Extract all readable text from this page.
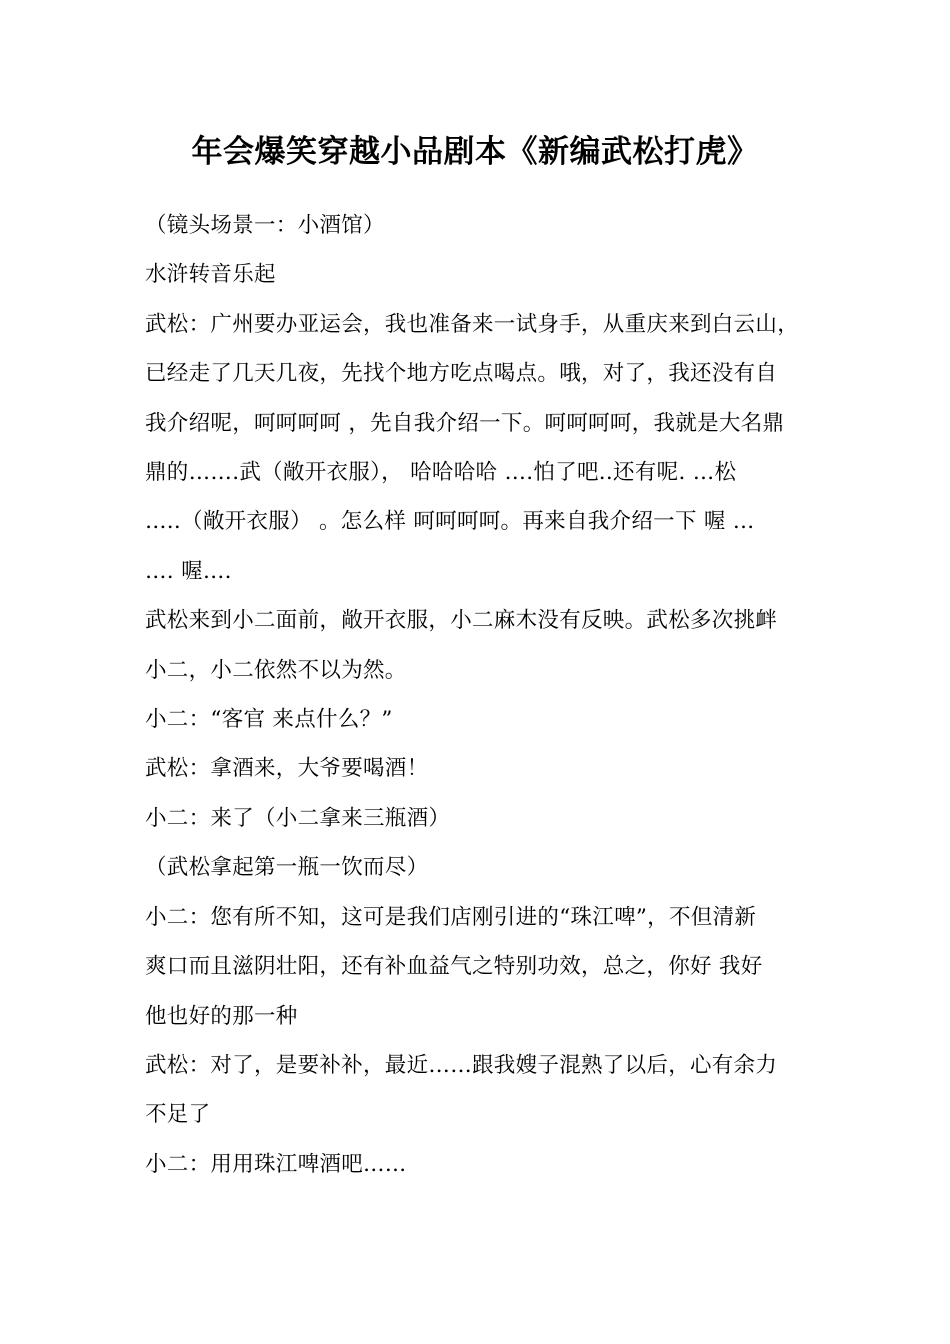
年会爆笑穿越小品剧本《新编武松打虎》

（镜头场景一：小酒馆）

水浒转音乐起

武松：广州要办亚运会，我也准备来一试身手，从重庆来到白云山，

已经走了几天几夜，先找个地方吃点喝点。哦，对了，我还没有自

我介绍呢，呵呵呵呵 ，先自我介绍一下。呵呵呵呵，我就是大名鼎

鼎的…….武（敞开衣服）， 哈哈哈哈 ….怕了吧..还有呢. …松

…..（敞开衣服） 。怎么样 呵呵呵呵。再来自我介绍一下 喔 …

…. 喔….

武松来到小二面前，敞开衣服，小二麻木没有反映。武松多次挑衅

小二，小二依然不以为然。

小二：“客官 来点什么？”

武松：拿酒来，大爷要喝酒！

小二：来了（小二拿来三瓶酒）

（武松拿起第一瓶一饮而尽）

小二：您有所不知，这可是我们店刚引进的“珠江啤”，不但清新

爽口而且滋阴壮阳，还有补血益气之特别功效，总之，你好 我好

他也好的那一种

武松：对了，是要补补，最近……跟我嫂子混熟了以后，心有余力

不足了

小二：用用珠江啤酒吧……
